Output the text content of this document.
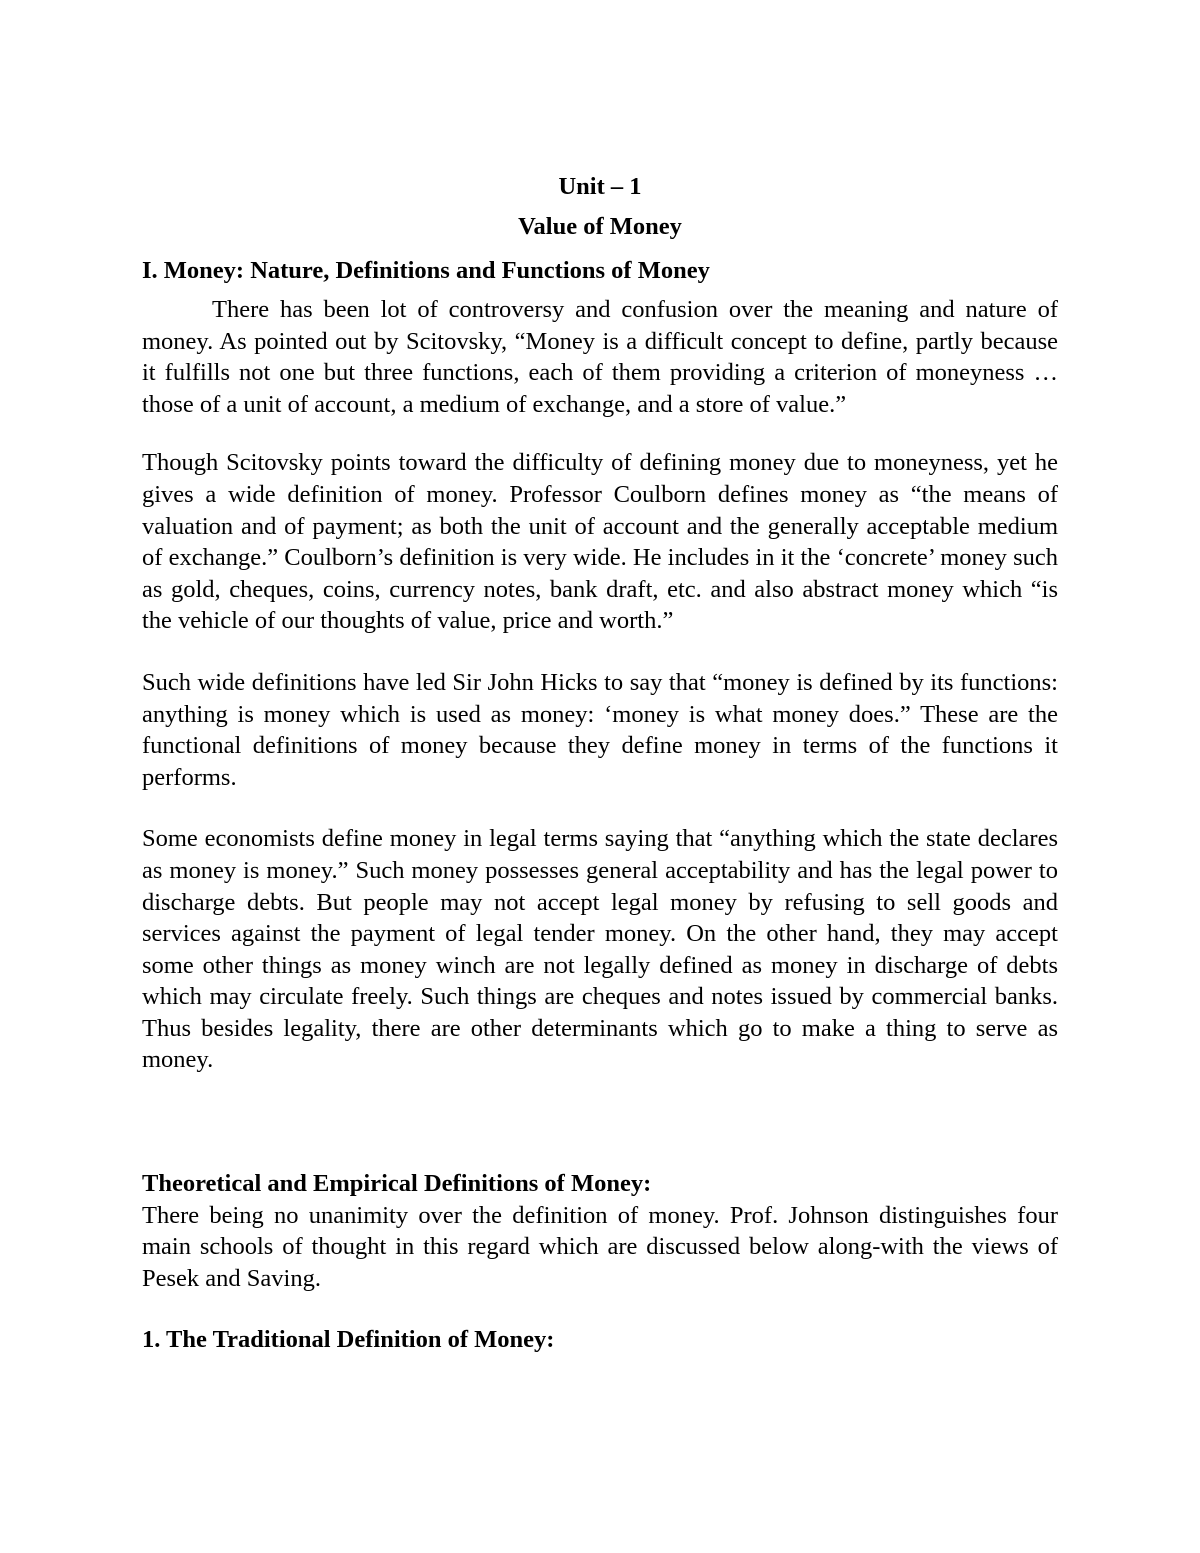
Unit – 1

Value of Money

I. Money: Nature, Definitions and Functions of Money

There has been lot of controversy and confusion over the meaning and nature of money. As pointed out by Scitovsky, “Money is a difficult concept to define, partly because it fulfills not one but three functions, each of them providing a criterion of moneyness … those of a unit of account, a medium of exchange, and a store of value.”

Though Scitovsky points toward the difficulty of defining money due to moneyness, yet he gives a wide definition of money. Professor Coulborn defines money as “the means of valuation and of payment; as both the unit of account and the generally acceptable medium of exchange.” Coulborn’s definition is very wide. He includes in it the ‘concrete’ money such as gold, cheques, coins, currency notes, bank draft, etc. and also abstract money which “is the vehicle of our thoughts of value, price and worth.”

Such wide definitions have led Sir John Hicks to say that “money is defined by its functions: anything is money which is used as money: ‘money is what money does.” These are the functional definitions of money because they define money in terms of the functions it performs.

Some economists define money in legal terms saying that “anything which the state declares as money is money.” Such money possesses general acceptability and has the legal power to discharge debts. But people may not accept legal money by refusing to sell goods and services against the payment of legal tender money. On the other hand, they may accept some other things as money winch are not legally defined as money in discharge of debts which may circulate freely. Such things are cheques and notes issued by commercial banks. Thus besides legality, there are other determinants which go to make a thing to serve as money.

Theoretical and Empirical Definitions of Money:

There being no unanimity over the definition of money. Prof. Johnson distinguishes four main schools of thought in this regard which are discussed below along-with the views of Pesek and Saving.

1. The Traditional Definition of Money:
